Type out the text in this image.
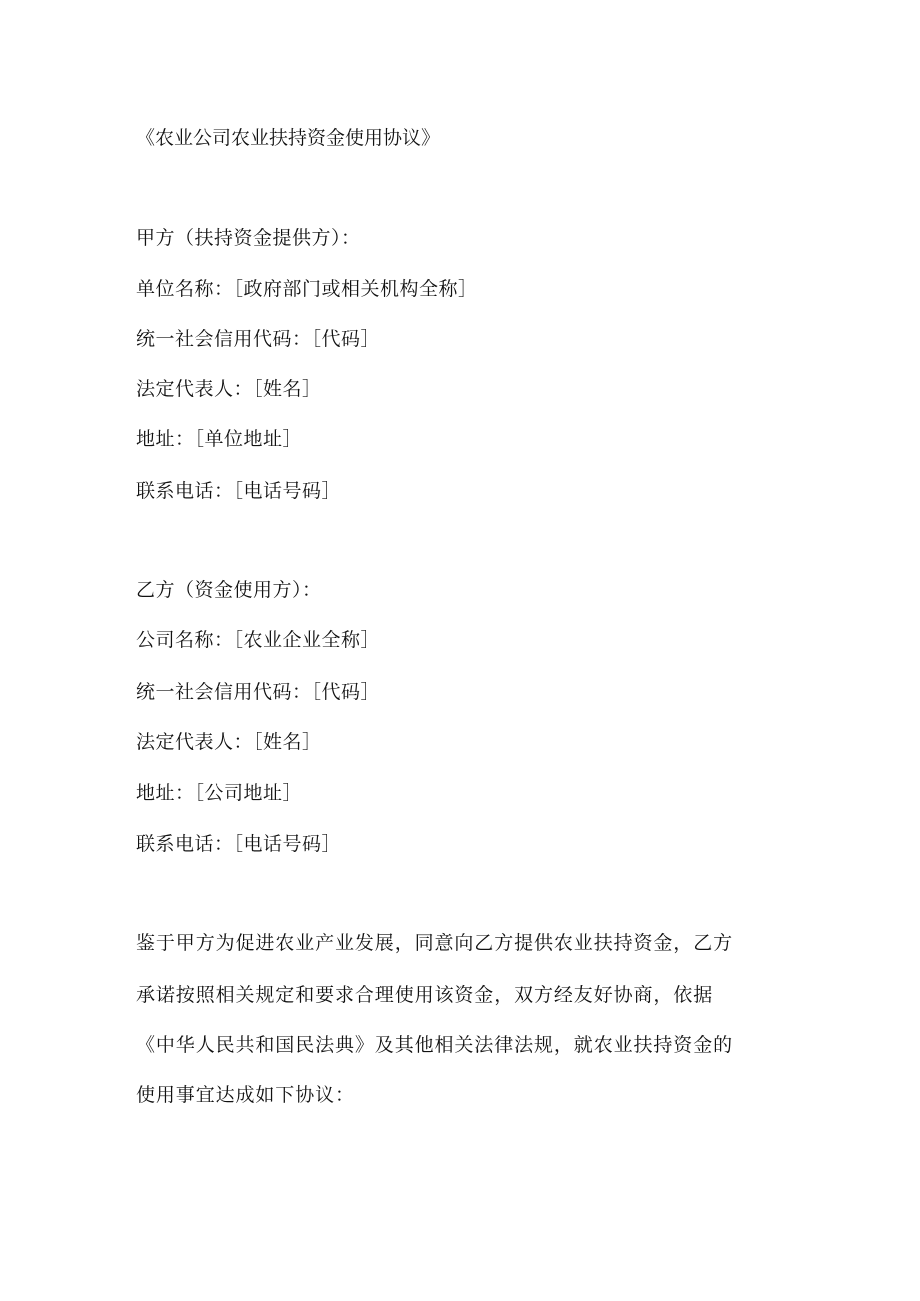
《农业公司农业扶持资金使用协议》
甲方（扶持资金提供方）：
单位名称：［政府部门或相关机构全称］
统一社会信用代码：［代码］
法定代表人：［姓名］
地址：［单位地址］
联系电话：［电话号码］
乙方（资金使用方）：
公司名称：［农业企业全称］
统一社会信用代码：［代码］
法定代表人：［姓名］
地址：［公司地址］
联系电话：［电话号码］
鉴于甲方为促进农业产业发展，同意向乙方提供农业扶持资金，乙方
承诺按照相关规定和要求合理使用该资金，双方经友好协商，依据
《中华人民共和国民法典》及其他相关法律法规，就农业扶持资金的
使用事宜达成如下协议：
